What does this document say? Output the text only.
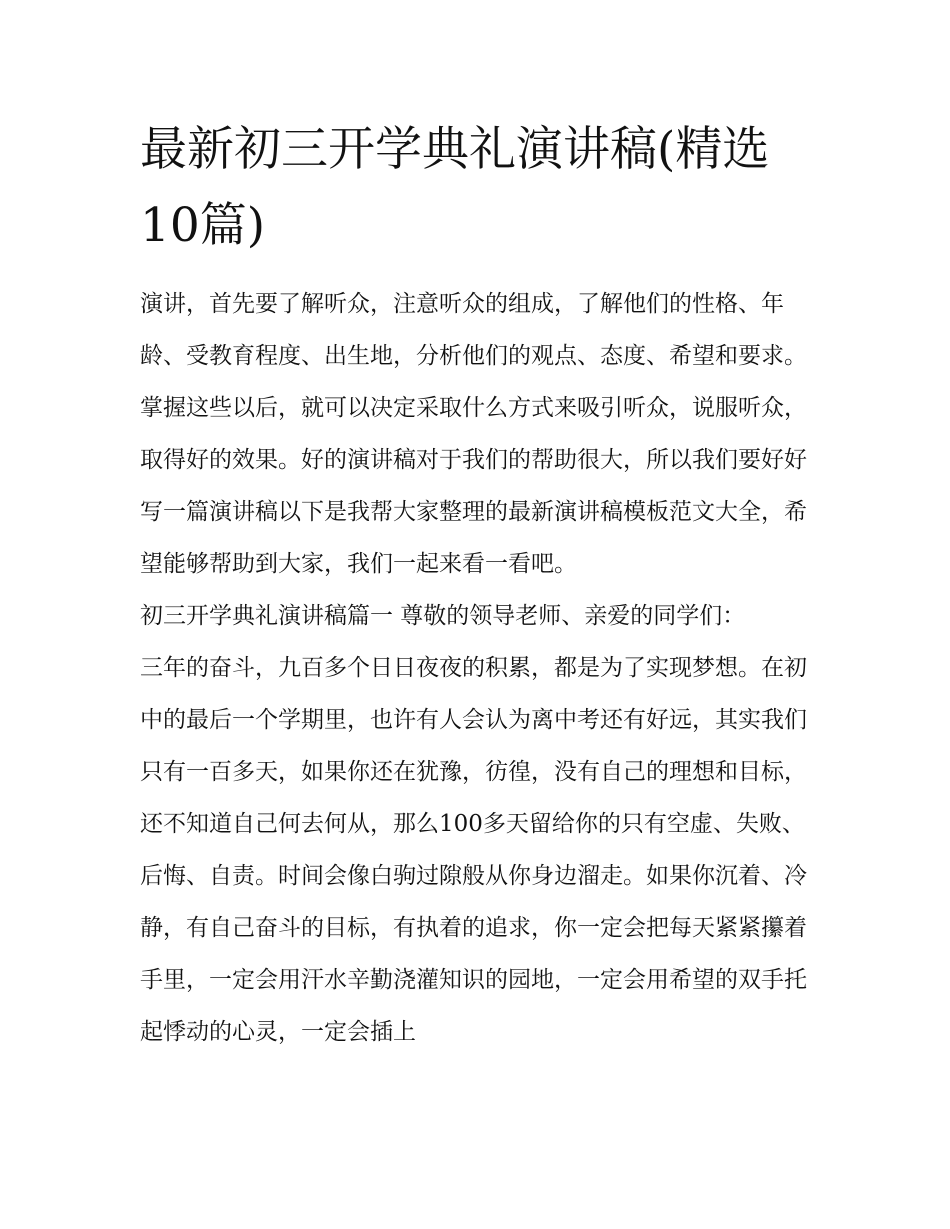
最新初三开学典礼演讲稿(精选 10篇)

演讲，首先要了解听众，注意听众的组成，了解他们的性格、年龄、受教育程度、出生地，分析他们的观点、态度、希望和要求。掌握这些以后，就可以决定采取什么方式来吸引听众，说服听众，取得好的效果。好的演讲稿对于我们的帮助很大，所以我们要好好写一篇演讲稿以下是我帮大家整理的最新演讲稿模板范文大全，希望能够帮助到大家，我们一起来看一看吧。

初三开学典礼演讲稿篇一 尊敬的领导老师、亲爱的同学们：

三年的奋斗，九百多个日日夜夜的积累，都是为了实现梦想。在初中的最后一个学期里，也许有人会认为离中考还有好远，其实我们只有一百多天，如果你还在犹豫，彷徨，没有自己的理想和目标，还不知道自己何去何从，那么100多天留给你的只有空虚、失败、后悔、自责。时间会像白驹过隙般从你身边溜走。如果你沉着、冷静，有自己奋斗的目标，有执着的追求，你一定会把每天紧紧攥着手里，一定会用汗水辛勤浇灌知识的园地，一定会用希望的双手托起悸动的心灵，一定会插上
